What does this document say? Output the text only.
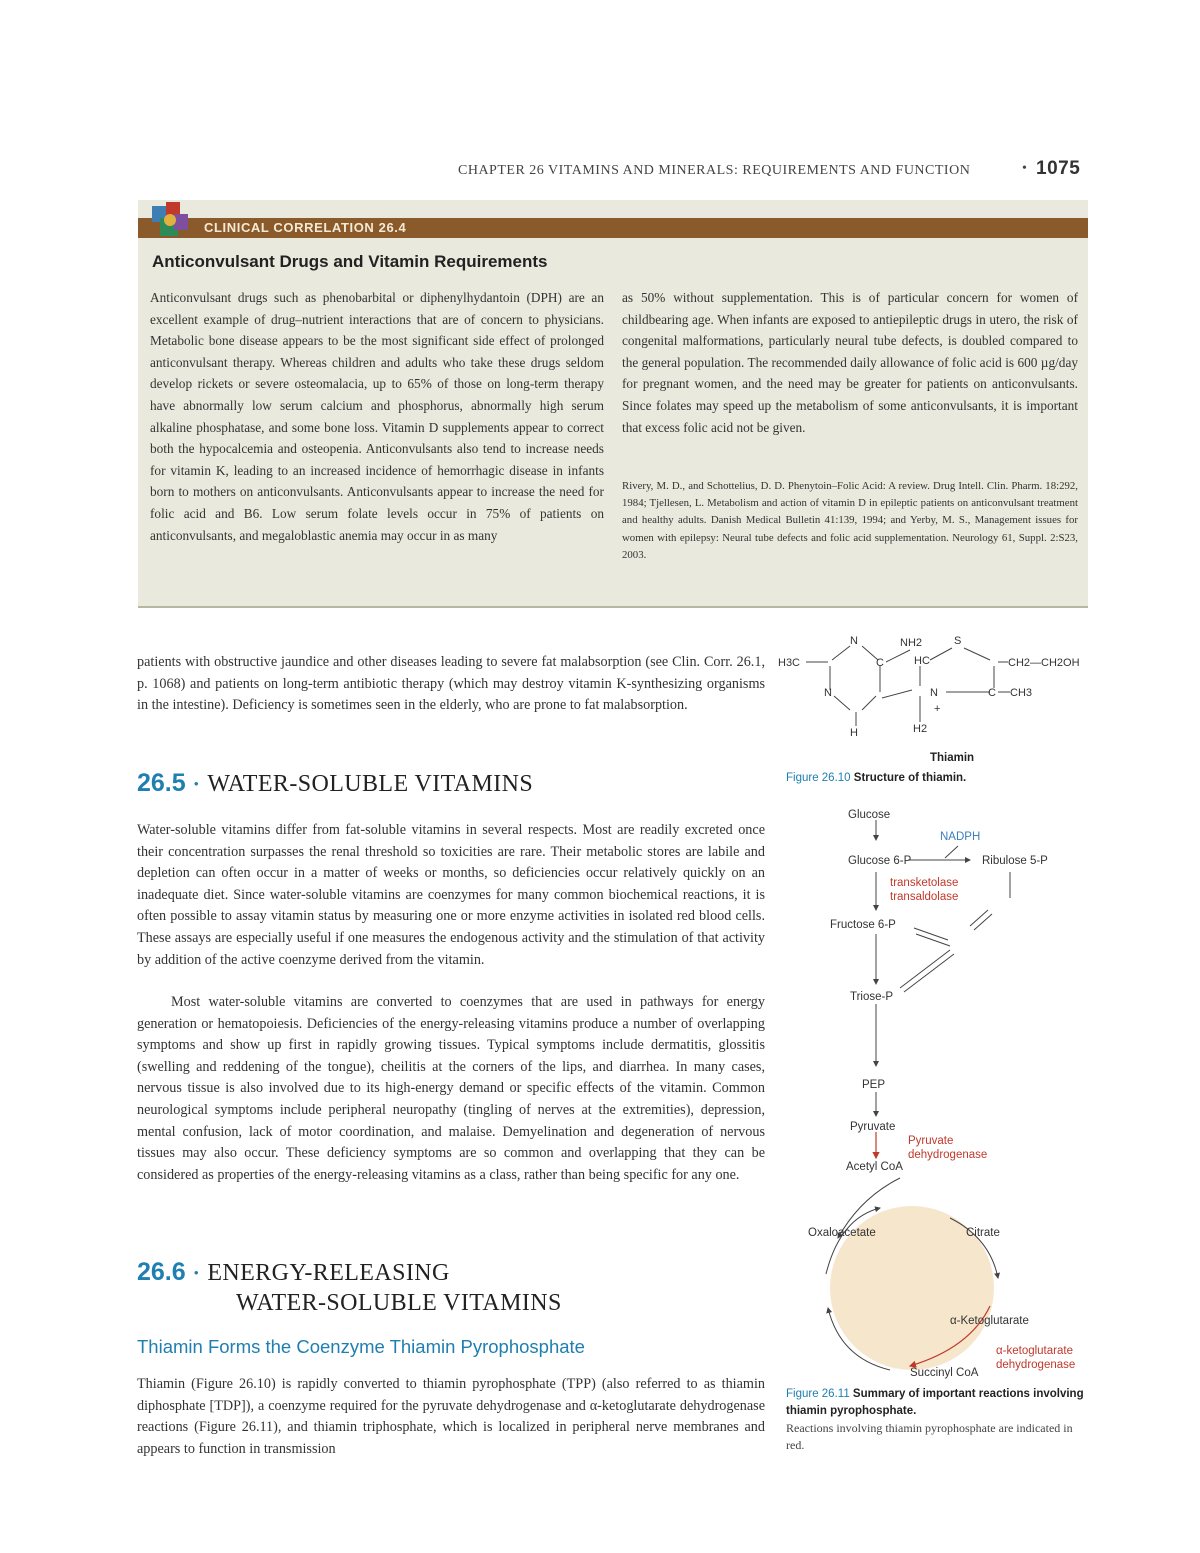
CHAPTER 26 VITAMINS AND MINERALS: REQUIREMENTS AND FUNCTION	• 1075
CLINICAL CORRELATION 26.4
Anticonvulsant Drugs and Vitamin Requirements
Anticonvulsant drugs such as phenobarbital or diphenylhydantoin (DPH) are an excellent example of drug–nutrient interactions that are of concern to physicians. Metabolic bone disease appears to be the most significant side effect of prolonged anticonvulsant therapy. Whereas children and adults who take these drugs seldom develop rickets or severe osteomalacia, up to 65% of those on long-term therapy have abnormally low serum calcium and phosphorus, abnormally high serum alkaline phosphatase, and some bone loss. Vitamin D supplements appear to correct both the hypocalcemia and osteopenia. Anticonvulsants also tend to increase needs for vitamin K, leading to an increased incidence of hemorrhagic disease in infants born to mothers on anticonvulsants. Anticonvulsants appear to increase the need for folic acid and B6. Low serum folate levels occur in 75% of patients on anticonvulsants, and megaloblastic anemia may occur in as many
as 50% without supplementation. This is of particular concern for women of childbearing age. When infants are exposed to antiepileptic drugs in utero, the risk of congenital malformations, particularly neural tube defects, is doubled compared to the general population. The recommended daily allowance of folic acid is 600 µg/day for pregnant women, and the need may be greater for patients on anticonvulsants. Since folates may speed up the metabolism of some anticonvulsants, it is important that excess folic acid not be given.
Rivery, M. D., and Schottelius, D. D. Phenytoin–Folic Acid: A review. Drug Intell. Clin. Pharm. 18:292, 1984; Tjellesen, L. Metabolism and action of vitamin D in epileptic patients on anticonvulsant treatment and healthy adults. Danish Medical Bulletin 41:139, 1994; and Yerby, M. S., Management issues for women with epilepsy: Neural tube defects and folic acid supplementation. Neurology 61, Suppl. 2:S23, 2003.
patients with obstructive jaundice and other diseases leading to severe fat malabsorption (see Clin. Corr. 26.1, p. 1068) and patients on long-term antibiotic therapy (which may destroy vitamin K-synthesizing organisms in the intestine). Deficiency is sometimes seen in the elderly, who are prone to fat malabsorption.
26.5 • WATER-SOLUBLE VITAMINS
Water-soluble vitamins differ from fat-soluble vitamins in several respects. Most are readily excreted once their concentration surpasses the renal threshold so toxicities are rare. Their metabolic stores are labile and depletion can often occur in a matter of weeks or months, so deficiencies occur relatively quickly on an inadequate diet. Since water-soluble vitamins are coenzymes for many common biochemical reactions, it is often possible to assay vitamin status by measuring one or more enzyme activities in isolated red blood cells. These assays are especially useful if one measures the endogenous activity and the stimulation of that activity by addition of the active coenzyme derived from the vitamin.
Most water-soluble vitamins are converted to coenzymes that are used in pathways for energy generation or hematopoiesis. Deficiencies of the energy-releasing vitamins produce a number of overlapping symptoms and show up first in rapidly growing tissues. Typical symptoms include dermatitis, glossitis (swelling and reddening of the tongue), cheilitis at the corners of the lips, and diarrhea. In many cases, nervous tissue is also involved due to its high-energy demand or specific effects of the vitamin. Common neurological symptoms include peripheral neuropathy (tingling of nerves at the extremities), depression, mental confusion, lack of motor coordination, and malaise. Demyelination and degeneration of nervous tissues may also occur. These deficiency symptoms are so common and overlapping that they can be considered as properties of the energy-releasing vitamins as a class, rather than being specific for any one.
26.6 • ENERGY-RELEASING
WATER-SOLUBLE VITAMINS
Thiamin Forms the Coenzyme Thiamin Pyrophosphate
Thiamin (Figure 26.10) is rapidly converted to thiamin pyrophosphate (TPP) (also referred to as thiamin diphosphate [TDP]), a coenzyme required for the pyruvate dehydrogenase and α-ketoglutarate dehydrogenase reactions (Figure 26.11), and thiamin triphosphate, which is localized in peripheral nerve membranes and appears to function in transmission
H3C
N	NH2	S
CH2—CH2OH
C	HC
N	C
N	CH3
H	H2
+
Thiamin
Figure 26.10 Structure of thiamin.
Glucose
NADPH
Glucose 6-P	Ribulose 5-P
transketolase
transaldolase
Fructose 6-P
Triose-P
PEP
Pyruvate
Pyruvate
dehydrogenase
Acetyl CoA
Oxaloacetate	Citrate
α-Ketoglutarate
α-ketoglutarate
dehydrogenase
Succinyl CoA
Figure 26.11 Summary of important reactions involving thiamin pyrophosphate.
Reactions involving thiamin pyrophosphate are indicated in red.
